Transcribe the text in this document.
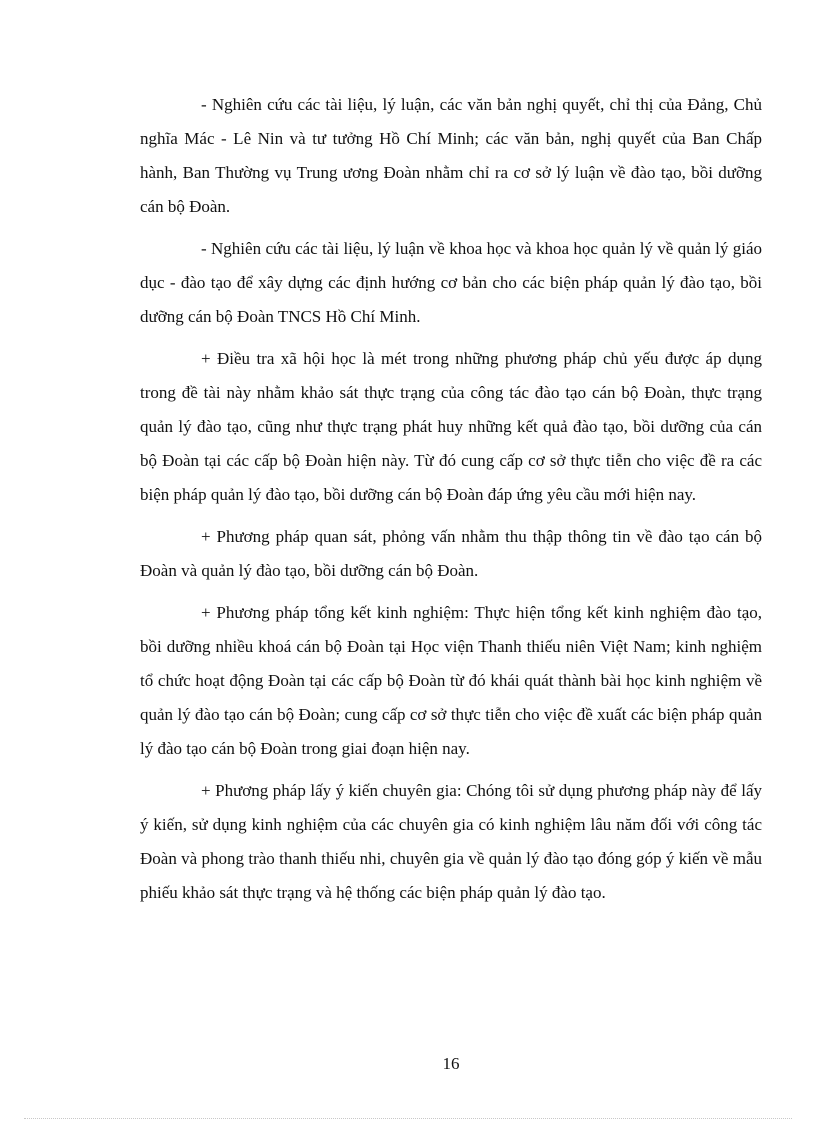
- Nghiên cứu các tài liệu, lý luận, các văn bản nghị quyết, chỉ thị của Đảng, Chủ nghĩa Mác - Lê Nin và tư tưởng Hồ Chí Minh; các văn bản, nghị quyết của Ban Chấp hành, Ban Thường vụ Trung ương Đoàn nhằm chỉ ra cơ sở lý luận về đào tạo, bồi dưỡng cán bộ Đoàn.

- Nghiên cứu các tài liệu, lý luận về khoa học và khoa học quản lý về quản lý giáo dục - đào tạo để xây dựng các định hướng cơ bản cho các biện pháp quản lý đào tạo, bồi dưỡng cán bộ Đoàn TNCS Hồ Chí Minh.

+ Điều tra xã hội học là mét trong những phương pháp chủ yếu được áp dụng trong đề tài này nhằm khảo sát thực trạng của công tác đào tạo cán bộ Đoàn, thực trạng quản lý đào tạo, cũng như thực trạng phát huy những kết quả đào tạo, bồi dưỡng của cán bộ Đoàn tại các cấp bộ Đoàn hiện này. Từ đó cung cấp cơ sở thực tiễn cho việc đề ra các biện pháp quản lý đào tạo, bồi dưỡng cán bộ Đoàn đáp ứng yêu cầu mới hiện nay.

+ Phương pháp quan sát, phỏng vấn nhằm thu thập thông tin về đào tạo cán bộ Đoàn và quản lý đào tạo, bồi dưỡng cán bộ Đoàn.

+ Phương pháp tổng kết kinh nghiệm: Thực hiện tổng kết kinh nghiệm đào tạo, bồi dưỡng nhiều khoá cán bộ Đoàn tại Học viện Thanh thiếu niên Việt Nam; kinh nghiệm tổ chức hoạt động Đoàn tại các cấp bộ Đoàn từ đó khái quát thành bài học kinh nghiệm về quản lý đào tạo cán bộ Đoàn; cung cấp cơ sở thực tiễn cho việc đề xuất các biện pháp quản lý đào tạo cán bộ Đoàn trong giai đoạn hiện nay.

+ Phương pháp lấy ý kiến chuyên gia: Chóng tôi sử dụng phương pháp này để lấy ý kiến, sử dụng kinh nghiệm của các chuyên gia có kinh nghiệm lâu năm đối với công tác Đoàn và phong trào thanh thiếu nhi, chuyên gia về quản lý đào tạo đóng góp ý kiến về mẫu phiếu khảo sát thực trạng và hệ thống các biện pháp quản lý đào tạo.

16
